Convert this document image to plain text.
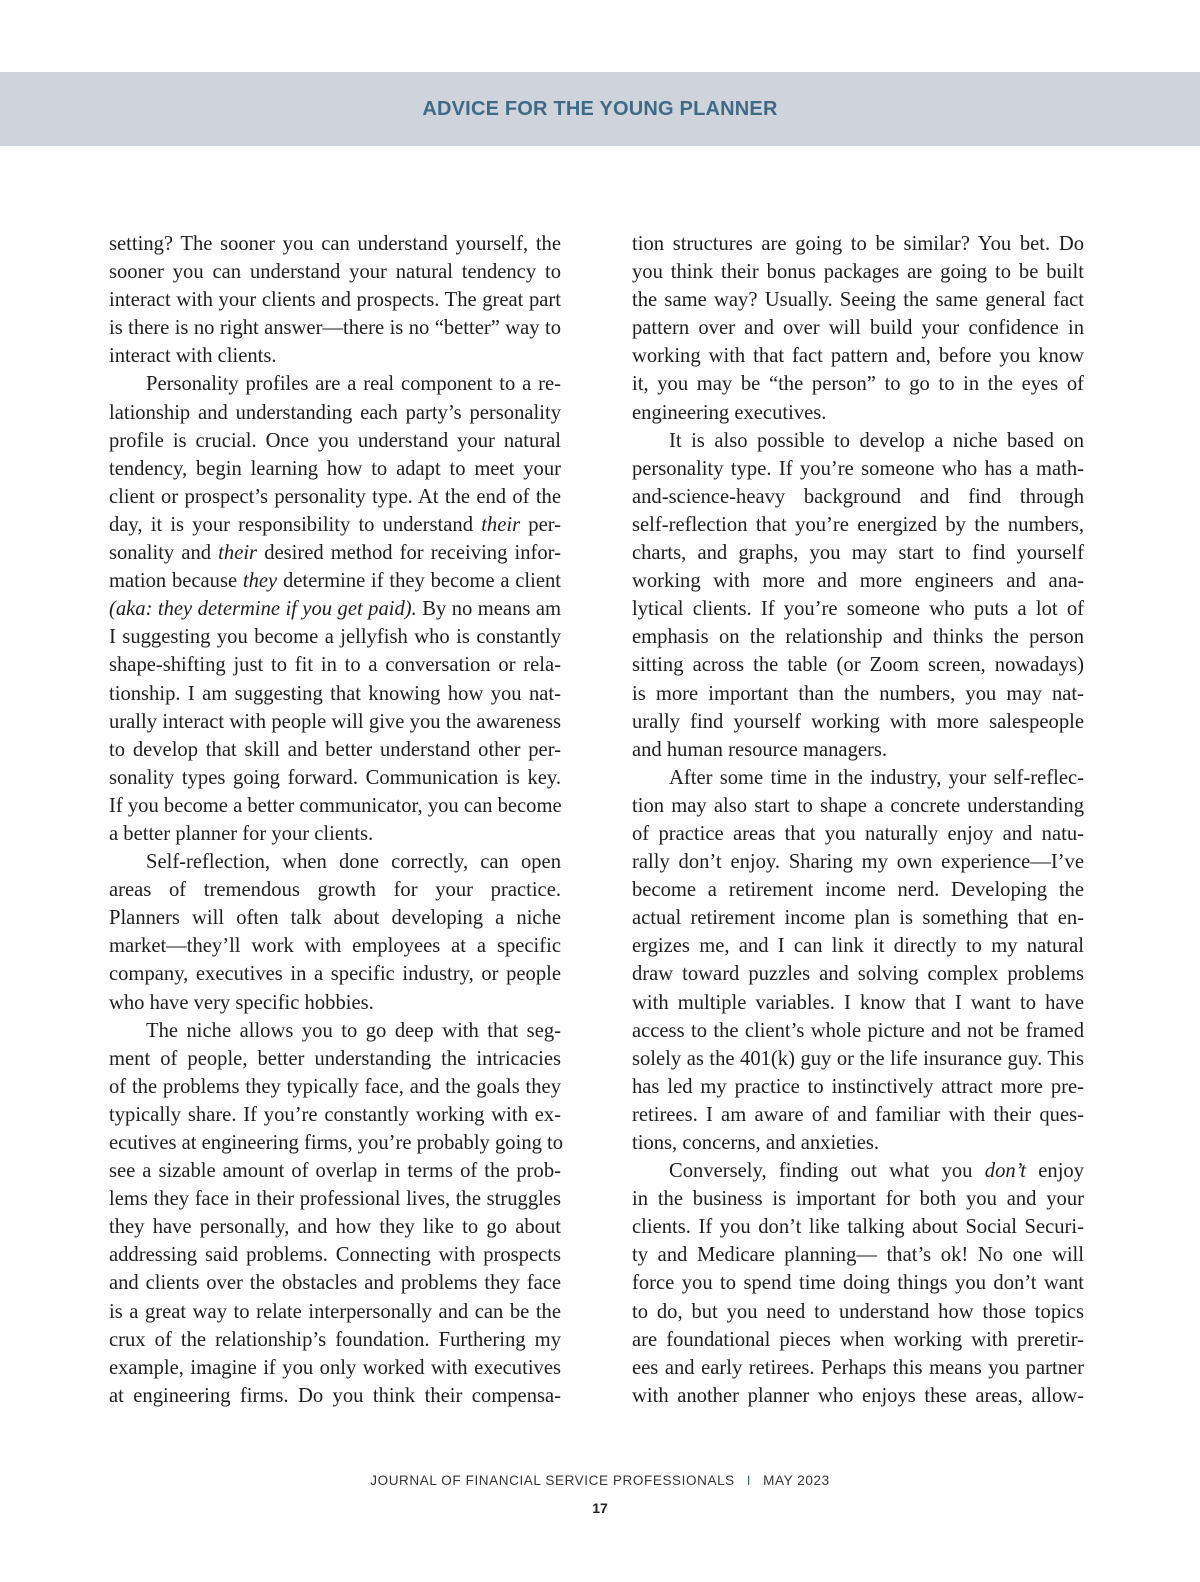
ADVICE FOR THE YOUNG PLANNER

setting? The sooner you can understand yourself, the
sooner you can understand your natural tendency to
interact with your clients and prospects. The great part
is there is no right answer—there is no “better” way to
interact with clients.

Personality profiles are a real component to a re-
lationship and understanding each party’s personality
profile is crucial. Once you understand your natural
tendency, begin learning how to adapt to meet your
client or prospect’s personality type. At the end of the
day, it is your responsibility to understand their per-
sonality and their desired method for receiving infor-
mation because they determine if they become a client
(aka: they determine if you get paid). By no means am
I suggesting you become a jellyfish who is constantly
shape-shifting just to fit in to a conversation or rela-
tionship. I am suggesting that knowing how you nat-
urally interact with people will give you the awareness
to develop that skill and better understand other per-
sonality types going forward. Communication is key.
If you become a better communicator, you can become
a better planner for your clients.

Self-reflection, when done correctly, can open
areas of tremendous growth for your practice.
Planners will often talk about developing a niche
market—they’ll work with employees at a specific
company, executives in a specific industry, or people
who have very specific hobbies.

The niche allows you to go deep with that seg-
ment of people, better understanding the intricacies
of the problems they typically face, and the goals they
typically share. If you’re constantly working with ex-
ecutives at engineering firms, you’re probably going to
see a sizable amount of overlap in terms of the prob-
lems they face in their professional lives, the struggles
they have personally, and how they like to go about
addressing said problems. Connecting with prospects
and clients over the obstacles and problems they face
is a great way to relate interpersonally and can be the
crux of the relationship’s foundation. Furthering my
example, imagine if you only worked with executives
at engineering firms. Do you think their compensa-

tion structures are going to be similar? You bet. Do
you think their bonus packages are going to be built
the same way? Usually. Seeing the same general fact
pattern over and over will build your confidence in
working with that fact pattern and, before you know
it, you may be “the person” to go to in the eyes of
engineering executives.

It is also possible to develop a niche based on
personality type. If you’re someone who has a math-
and-science-heavy background and find through
self-reflection that you’re energized by the numbers,
charts, and graphs, you may start to find yourself
working with more and more engineers and ana-
lytical clients. If you’re someone who puts a lot of
emphasis on the relationship and thinks the person
sitting across the table (or Zoom screen, nowadays)
is more important than the numbers, you may nat-
urally find yourself working with more salespeople
and human resource managers.

After some time in the industry, your self-reflec-
tion may also start to shape a concrete understanding
of practice areas that you naturally enjoy and natu-
rally don’t enjoy. Sharing my own experience—I’ve
become a retirement income nerd. Developing the
actual retirement income plan is something that en-
ergizes me, and I can link it directly to my natural
draw toward puzzles and solving complex problems
with multiple variables. I know that I want to have
access to the client’s whole picture and not be framed
solely as the 401(k) guy or the life insurance guy. This
has led my practice to instinctively attract more pre-
retirees. I am aware of and familiar with their ques-
tions, concerns, and anxieties.

Conversely, finding out what you don’t enjoy
in the business is important for both you and your
clients. If you don’t like talking about Social Securi-
ty and Medicare planning— that’s ok! No one will
force you to spend time doing things you don’t want
to do, but you need to understand how those topics
are foundational pieces when working with preretir-
ees and early retirees. Perhaps this means you partner
with another planner who enjoys these areas, allow-

JOURNAL OF FINANCIAL SERVICE PROFESSIONALS I MAY 2023
17
